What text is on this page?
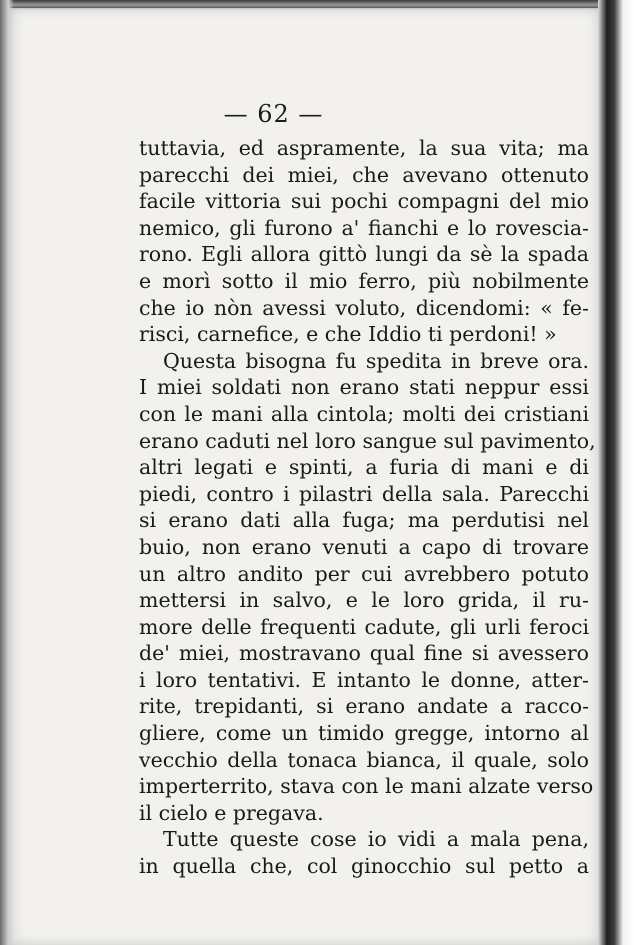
— 62 —
tuttavia, ed aspramente, la sua vita; ma
parecchi dei miei, che avevano ottenuto
facile vittoria sui pochi compagni del mio
nemico, gli furono a' fianchi e lo rovescia-
rono. Egli allora gittò lungi da sè la spada
e morì sotto il mio ferro, più nobilmente
che io nòn avessi voluto, dicendomi: « fe-
risci, carnefice, e che Iddio ti perdoni! »
Questa bisogna fu spedita in breve ora.
I miei soldati non erano stati neppur essi
con le mani alla cintola; molti dei cristiani
erano caduti nel loro sangue sul pavimento,
altri legati e spinti, a furia di mani e di
piedi, contro i pilastri della sala. Parecchi
si erano dati alla fuga; ma perdutisi nel
buio, non erano venuti a capo di trovare
un altro andito per cui avrebbero potuto
mettersi in salvo, e le loro grida, il ru-
more delle frequenti cadute, gli urli feroci
de' miei, mostravano qual fine si avessero
i loro tentativi. E intanto le donne, atter-
rite, trepidanti, si erano andate a racco-
gliere, come un timido gregge, intorno al
vecchio della tonaca bianca, il quale, solo
imperterrito, stava con le mani alzate verso
il cielo e pregava.
Tutte queste cose io vidi a mala pena,
in quella che, col ginocchio sul petto a
